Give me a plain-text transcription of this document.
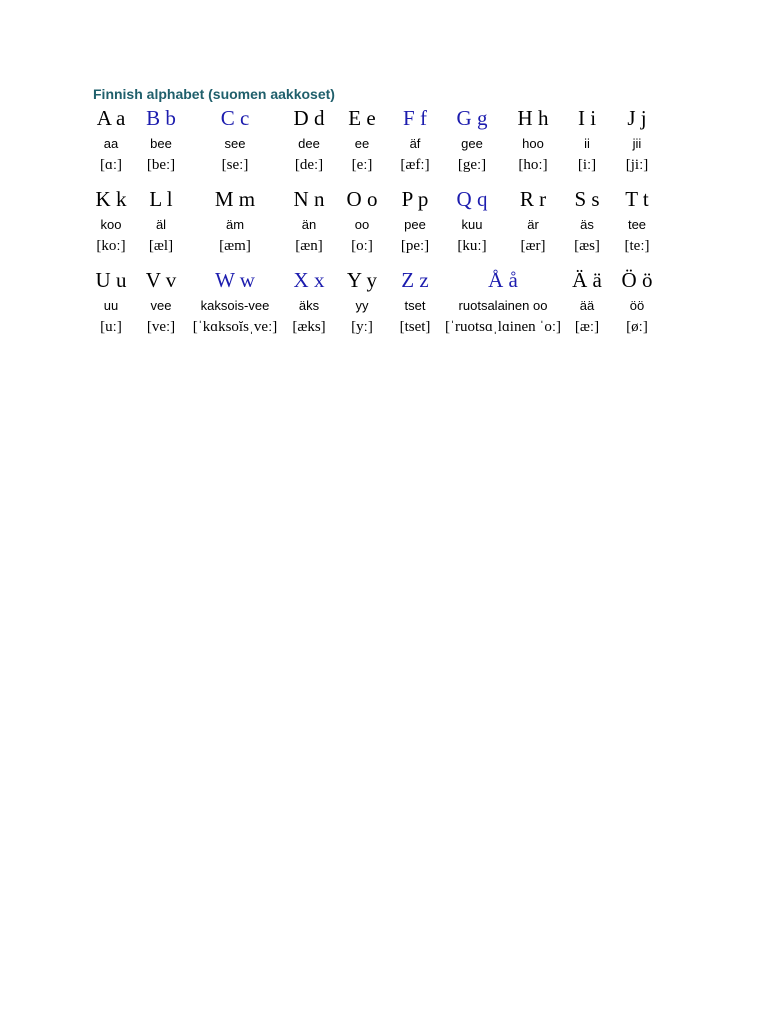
Finnish alphabet (suomen aakkoset)
A a	B b	C c	D d	E e	F f	G g	H h	I i	J j
aa	bee	see	dee	ee	äf	gee	hoo	ii	jii
[ɑː]	[beː]	[seː]	[deː]	[eː]	[æfː]	[geː]	[hoː]	[iː]	[jiː]

K k	L l	M m	N n	O o	P p	Q q	R r	S s	T t
koo	äl	äm	än	oo	pee	kuu	är	äs	tee
[koː]	[æl]	[æm]	[æn]	[oː]	[peː]	[kuː]	[ær]	[æs]	[teː]

U u	V v	W w	X x	Y y	Z z	Å å		Ä ä	Ö ö
uu	vee	kaksois-vee	äks	yy	tset	ruotsalainen oo		ää	öö
[uː]	[veː]	[ˈkɑksoĭsˌveː]	[æks]	[yː]	[tset]	[ˈruotsɑˌlɑinen ˈoː]		[æː]	[øː]
